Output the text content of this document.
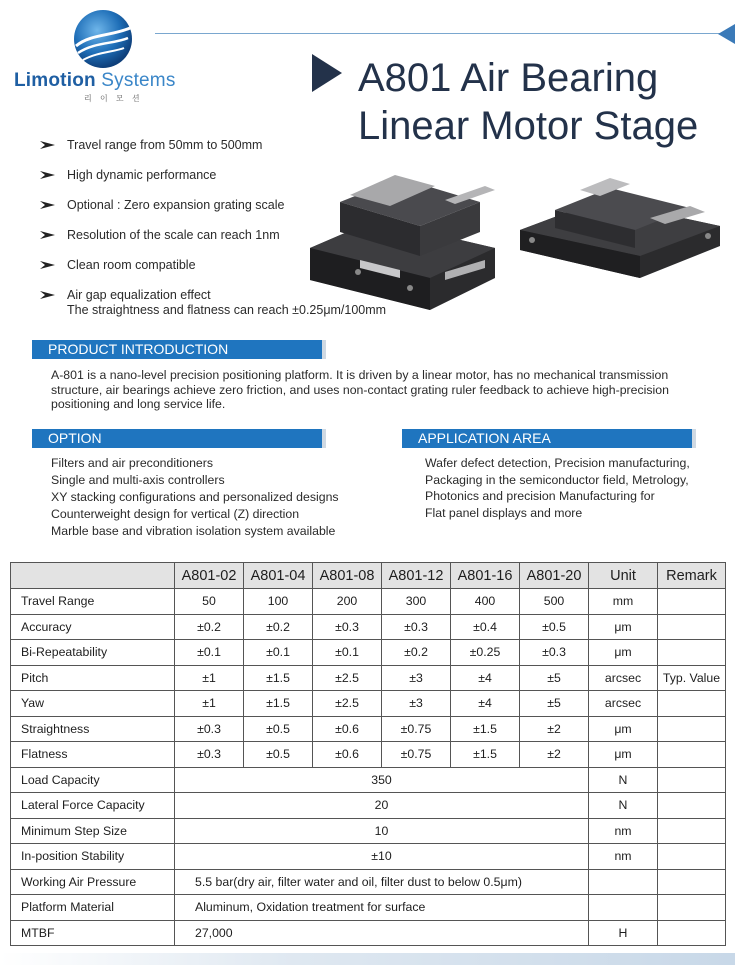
Limotion Systems
리 이 모 션	A801 Air Bearing
Linear Motor Stage
Travel range from 50mm to 500mm
High dynamic performance
Optional : Zero expansion grating scale
Resolution of the scale can reach 1nm
Clean room compatible
Air gap equalization effect
The straightness and flatness can reach ±0.25μm/100mm
PRODUCT INTRODUCTION
A-801 is a nano-level precision positioning platform. It is driven by a linear motor, has no mechanical transmission
structure, air bearings achieve zero friction, and uses non-contact grating ruler feedback to achieve high-precision
positioning and long service life.
OPTION
Filters and air preconditioners
Single and multi-axis controllers
XY stacking configurations and personalized designs
Counterweight design for vertical (Z) direction
Marble base and vibration isolation system available
APPLICATION AREA
Wafer defect detection, Precision manufacturing,
Packaging in the semiconductor field, Metrology,
Photonics and precision Manufacturing for
Flat panel displays and more
	A801-02	A801-04	A801-08	A801-12	A801-16	A801-20	Unit	Remark
Travel Range	50	100	200	300	400	500	mm	
Accuracy	±0.2	±0.2	±0.3	±0.3	±0.4	±0.5	μm	
Bi-Repeatability	±0.1	±0.1	±0.1	±0.2	±0.25	±0.3	μm	
Pitch	±1	±1.5	±2.5	±3	±4	±5	arcsec	Typ. Value
Yaw	±1	±1.5	±2.5	±3	±4	±5	arcsec	
Straightness	±0.3	±0.5	±0.6	±0.75	±1.5	±2	μm	
Flatness	±0.3	±0.5	±0.6	±0.75	±1.5	±2	μm	
Load Capacity	350						N	
Lateral Force Capacity	20						N	
Minimum Step Size	10						nm	
In-position Stability	±10						nm	
Working Air Pressure	5.5 bar(dry air, filter water and oil, filter dust to below 0.5μm)							
Platform Material	Aluminum, Oxidation treatment for surface							
MTBF	27,000						H	
